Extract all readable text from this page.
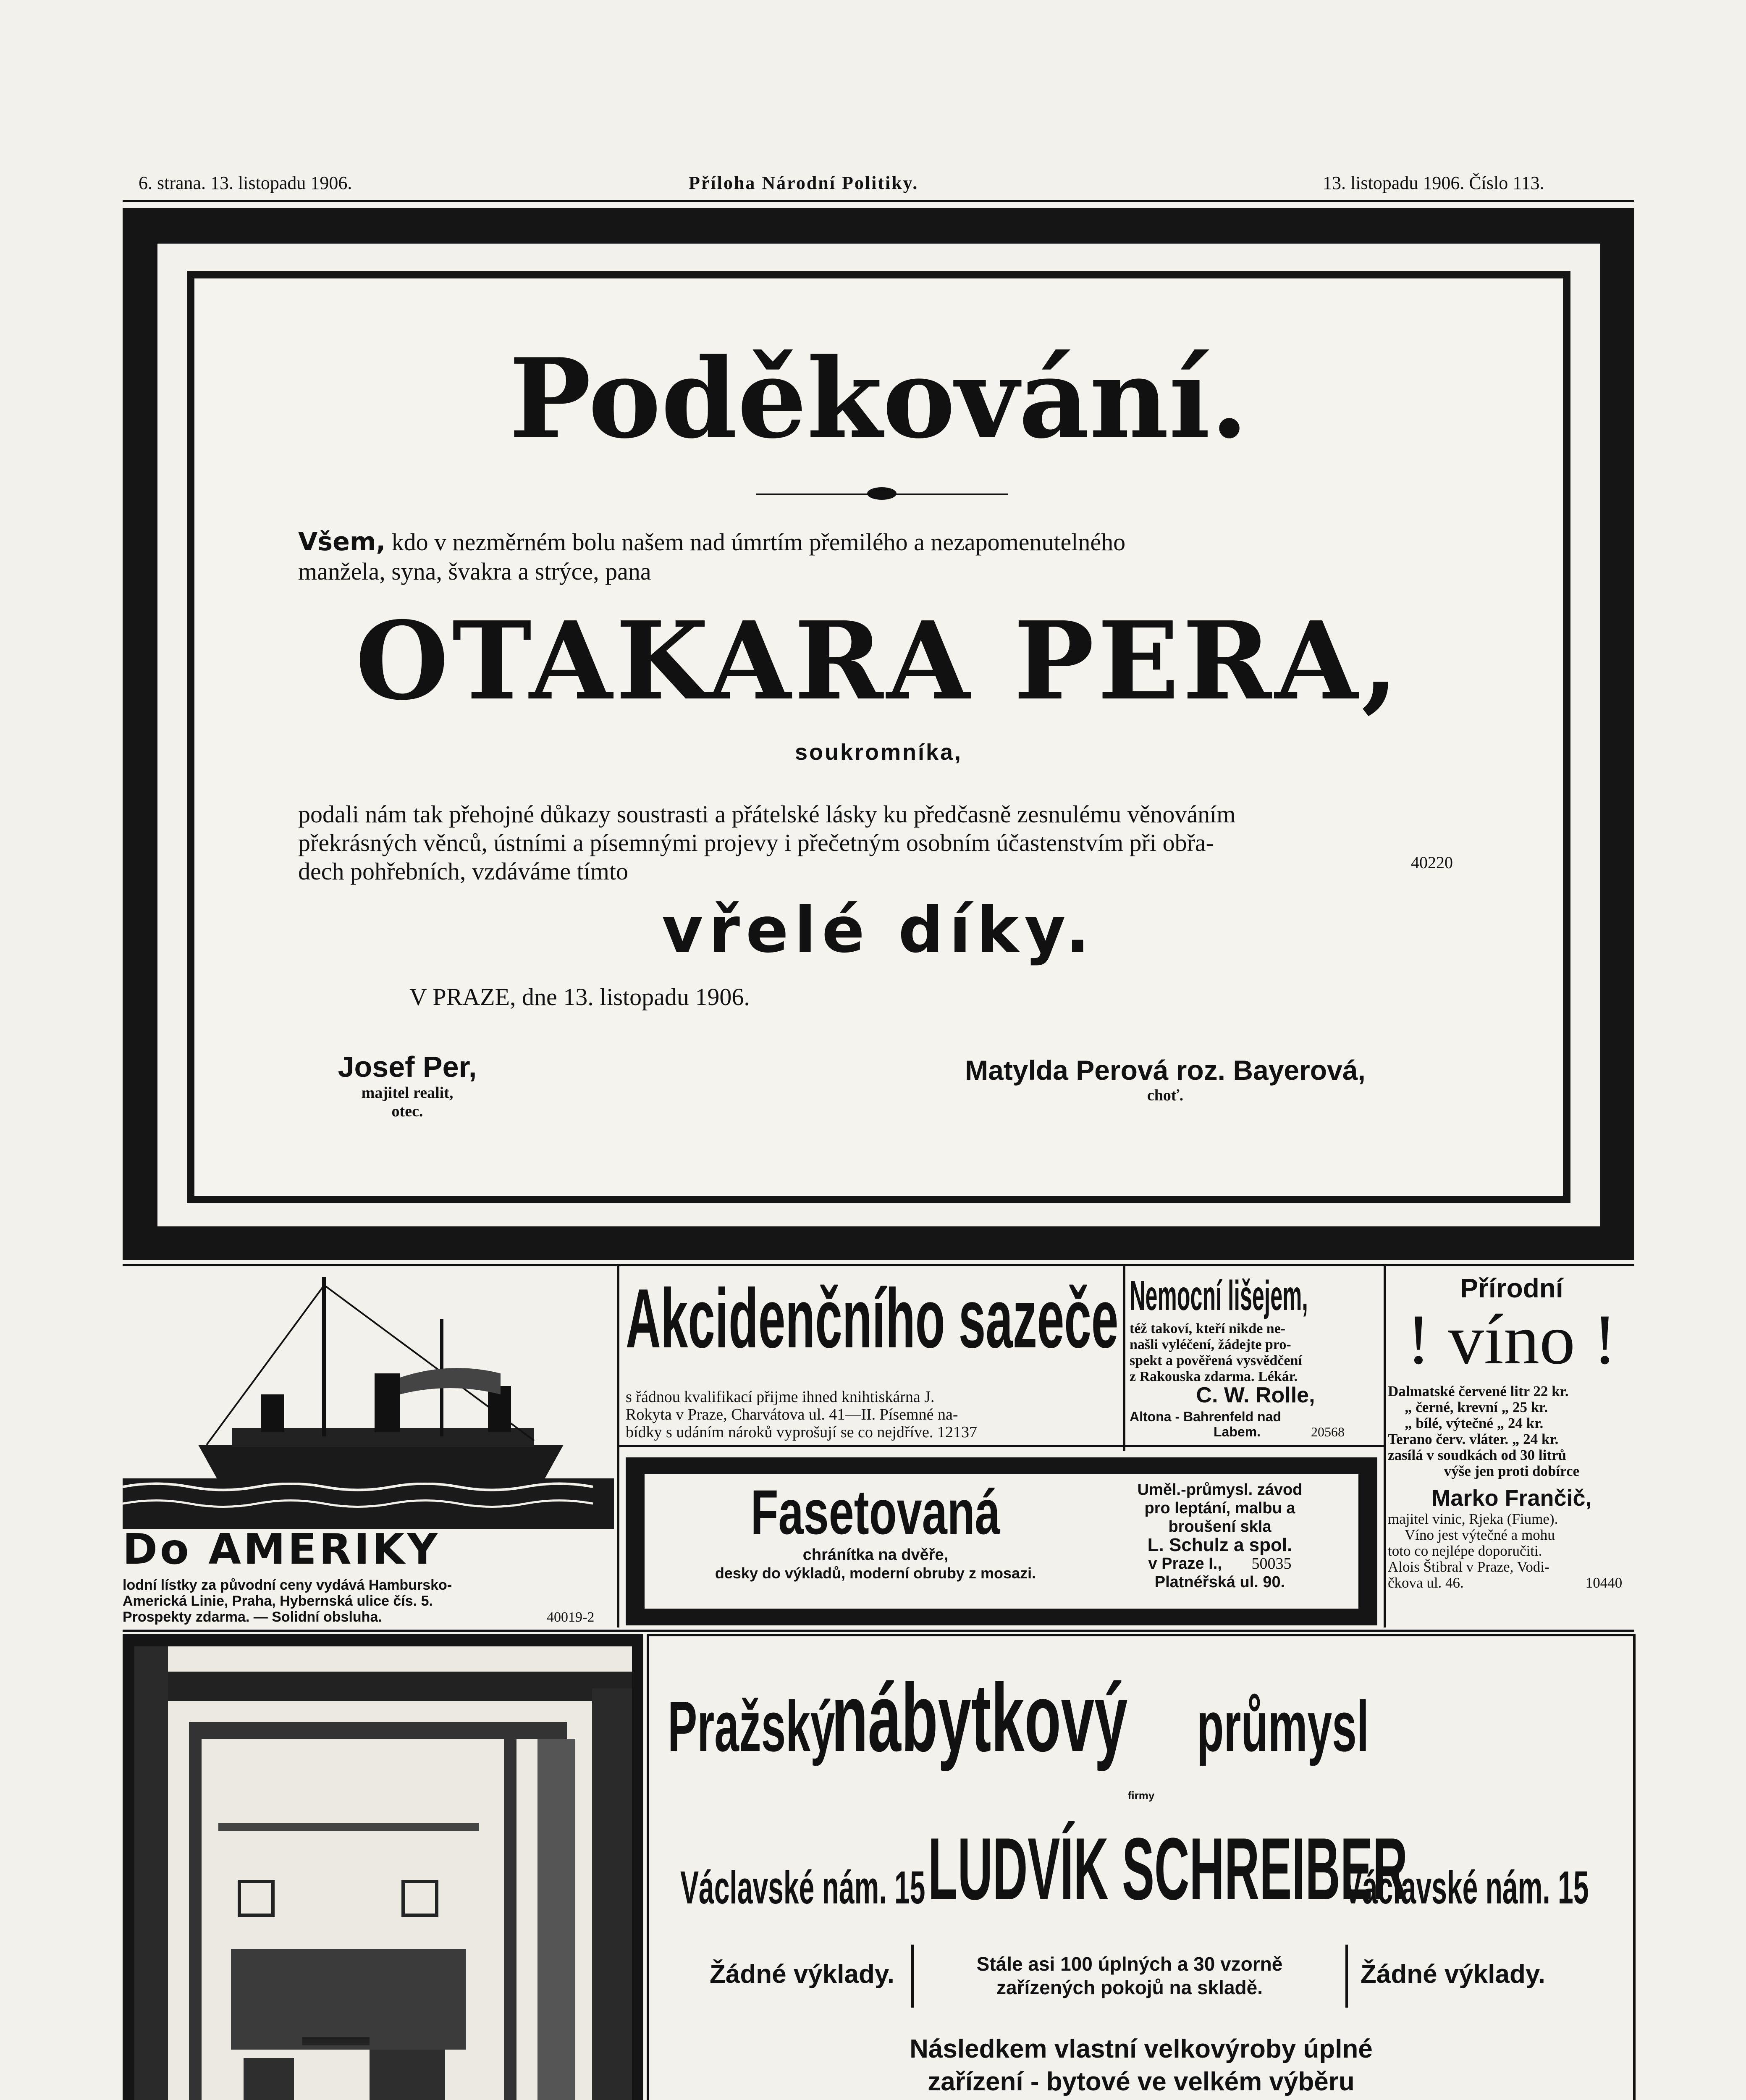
6. strana. 13. listopadu 1906.	Příloha Národní Politiky.	13. listopadu 1906. Číslo 113.
Poděkování.
Všem, kdo v nezměrném bolu našem nad úmrtím přemilého a nezapomenutelného
manžela, syna, švakra a strýce, pana
OTAKARA PERA,
soukromníka,
podali nám tak přehojné důkazy soustrasti a přátelské lásky ku předčasně zesnulému věnováním
překrásných věnců, ústními a písemnými projevy i přečetným osobním účastenstvím při obřa-
dech pohřebních, vzdáváme tímto	40220
vřelé díky.
V PRAZE, dne 13. listopadu 1906.
Josef Per,
majitel realit,
otec.
Matylda Perová roz. Bayerová,
choť.
Do AMERIKY
lodní lístky za původní ceny vydává Hambursko-
Americká Linie, Praha, Hybernská ulice čís. 5.
Prospekty zdarma. — Solidní obsluha.	40019-2
Akcidenčního sazeče
s řádnou kvalifikací přijme ihned knihtiskárna J.
Rokyta v Praze, Charvátova ul. 41—II. Písemné na-
bídky s udáním nároků vyprošují se co nejdříve. 12137
Nemocní lišejem,
též takoví, kteří nikde ne-
našli vyléčení, žádejte pro-
spekt a pověřená vysvědčení
z Rakouska zdarma. Lékár.
C. W. Rolle,
Altona - Bahrenfeld nad
Labem.	20568
Přírodní
! víno !
Dalmatské červené litr 22 kr.
„ černé, krevní „ 25 kr.
„ bílé, výtečné „ 24 kr.
Terano červ. vláter. „ 24 kr.
zasílá v soudkách od 30 litrů
výše jen proti dobírce
Marko Frančič,
majitel vinic, Rjeka (Fiume).
Víno jest výtečné a mohu
toto co nejlépe doporučiti.
Alois Štibral v Praze, Vodi-
čkova ul. 46.	10440
Fasetovaná
chránítka na dvěře,
desky do výkladů, moderní obruby z mosazi.
Uměl.-průmysl. závod
pro leptání, malbu a
broušení skla
L. Schulz a spol.
v Praze I., 50035
Platnéřská ul. 90.
Pražskýnábytkový průmysl
firmy
Václavské nám. 15LUDVÍK SCHREIBERVáclavské nám. 15
Žádné výklady.	Stále asi 100 úplných a 30 vzorně
zařízených pokojů na skladě.	Žádné výklady.
Následkem vlastní velkovýroby úplné
zařízení - bytové ve velkém výběru
